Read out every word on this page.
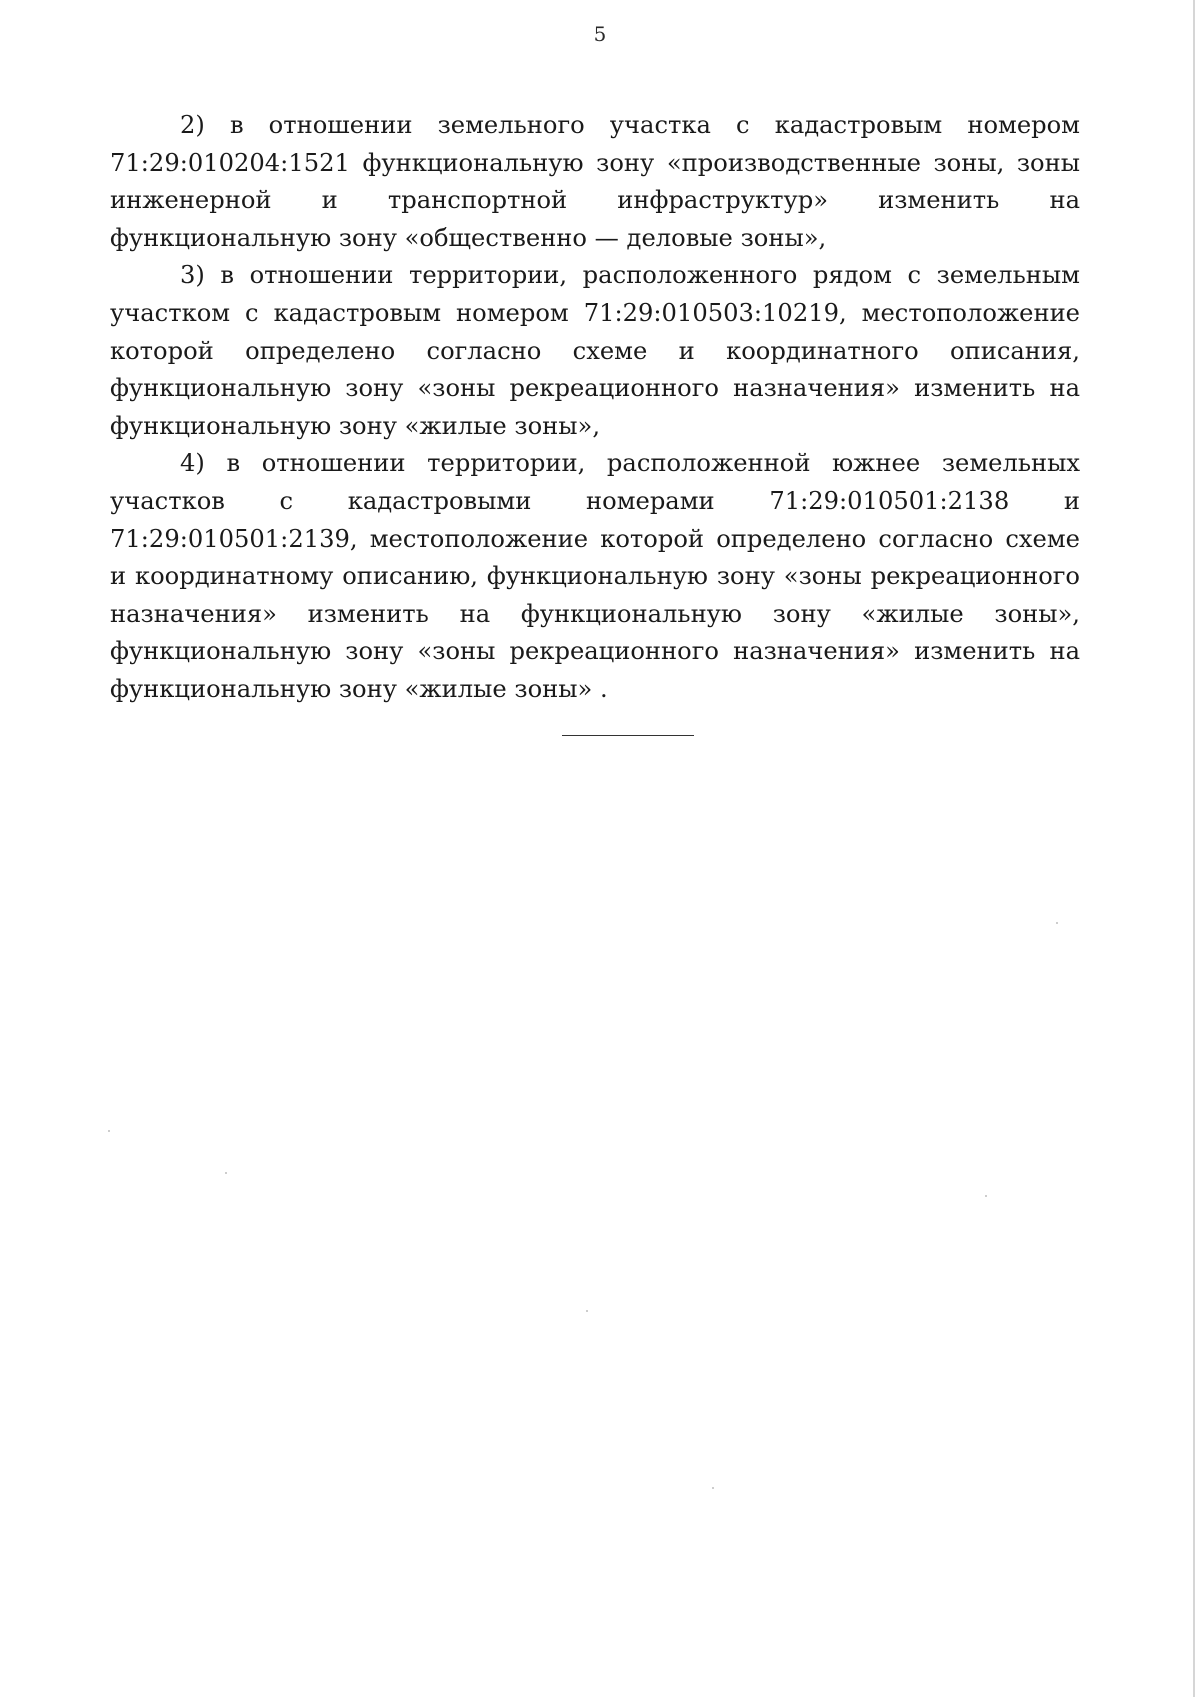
5

2) в отношении земельного участка с кадастровым номером 71:29:010204:1521 функциональную зону «производственные зоны, зоны инженерной и транспортной инфраструктур» изменить на функциональную зону «общественно — деловые зоны»,

3) в отношении территории, расположенного рядом с земельным участком с кадастровым номером 71:29:010503:10219, местоположение которой определено согласно схеме и координатного описания, функциональную зону «зоны рекреационного назначения» изменить на функциональную зону «жилые зоны»,

4) в отношении территории, расположенной южнее земельных участков с кадастровыми номерами 71:29:010501:2138 и 71:29:010501:2139, местоположение которой определено согласно схеме и координатному описанию, функциональную зону «зоны рекреационного назначения» изменить на функциональную зону «жилые зоны», функциональную зону «зоны рекреационного назначения» изменить на функциональную зону «жилые зоны» .
